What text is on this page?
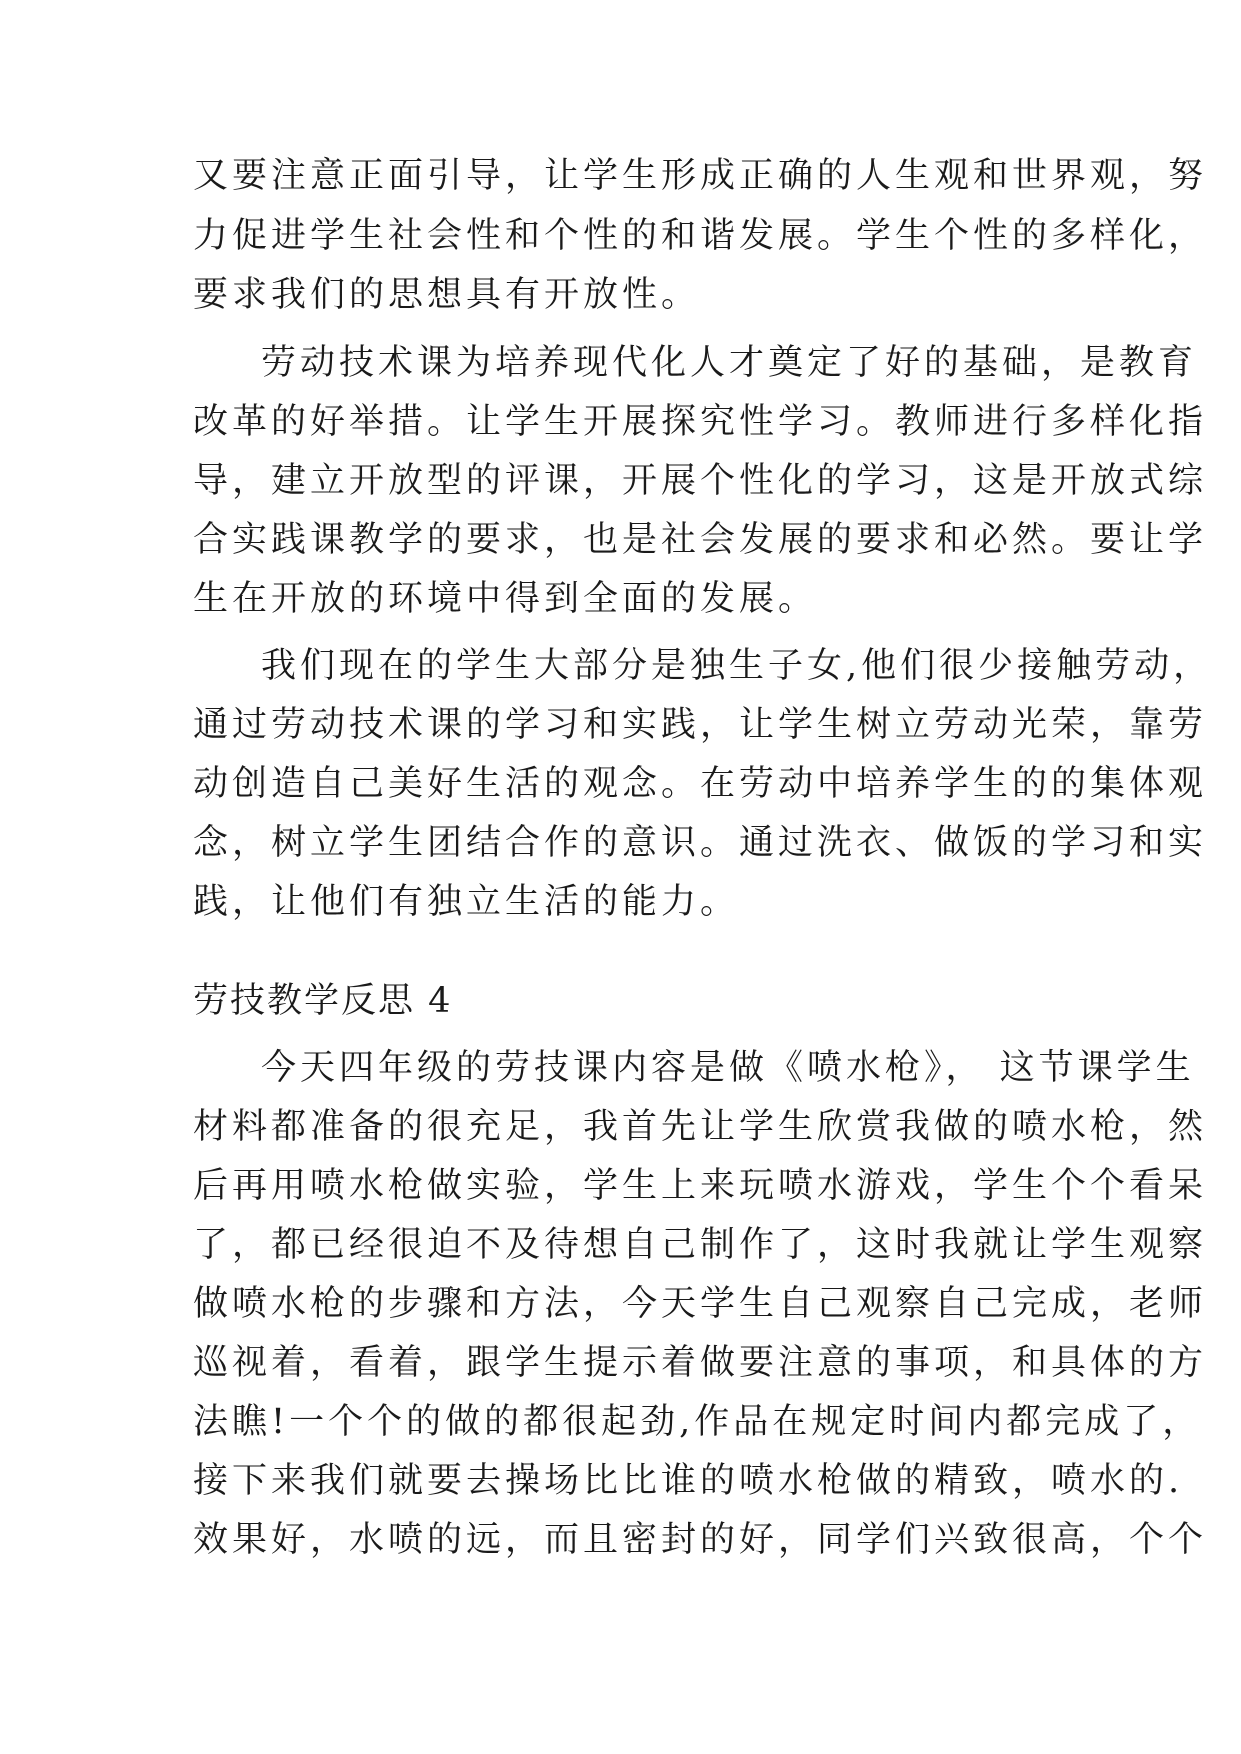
又要注意正面引导，让学生形成正确的人生观和世界观，努
力促进学生社会性和个性的和谐发展。学生个性的多样化，
要求我们的思想具有开放性。
劳动技术课为培养现代化人才奠定了好的基础，是教育
改革的好举措。让学生开展探究性学习。教师进行多样化指
导，建立开放型的评课，开展个性化的学习，这是开放式综
合实践课教学的要求，也是社会发展的要求和必然。要让学
生在开放的环境中得到全面的发展。
我们现在的学生大部分是独生子女,他们很少接触劳动，
通过劳动技术课的学习和实践，让学生树立劳动光荣，靠劳
动创造自己美好生活的观念。在劳动中培养学生的的集体观
念，树立学生团结合作的意识。通过洗衣、做饭的学习和实
践，让他们有独立生活的能力。
劳技教学反思 4
今天四年级的劳技课内容是做《喷水枪》， 这节课学生
材料都准备的很充足，我首先让学生欣赏我做的喷水枪，然
后再用喷水枪做实验，学生上来玩喷水游戏，学生个个看呆
了，都已经很迫不及待想自己制作了，这时我就让学生观察
做喷水枪的步骤和方法，今天学生自己观察自己完成，老师
巡视着，看着，跟学生提示着做要注意的事项，和具体的方
法瞧!一个个的做的都很起劲,作品在规定时间内都完成了，
接下来我们就要去操场比比谁的喷水枪做的精致，喷水的.
效果好，水喷的远，而且密封的好，同学们兴致很高，个个
